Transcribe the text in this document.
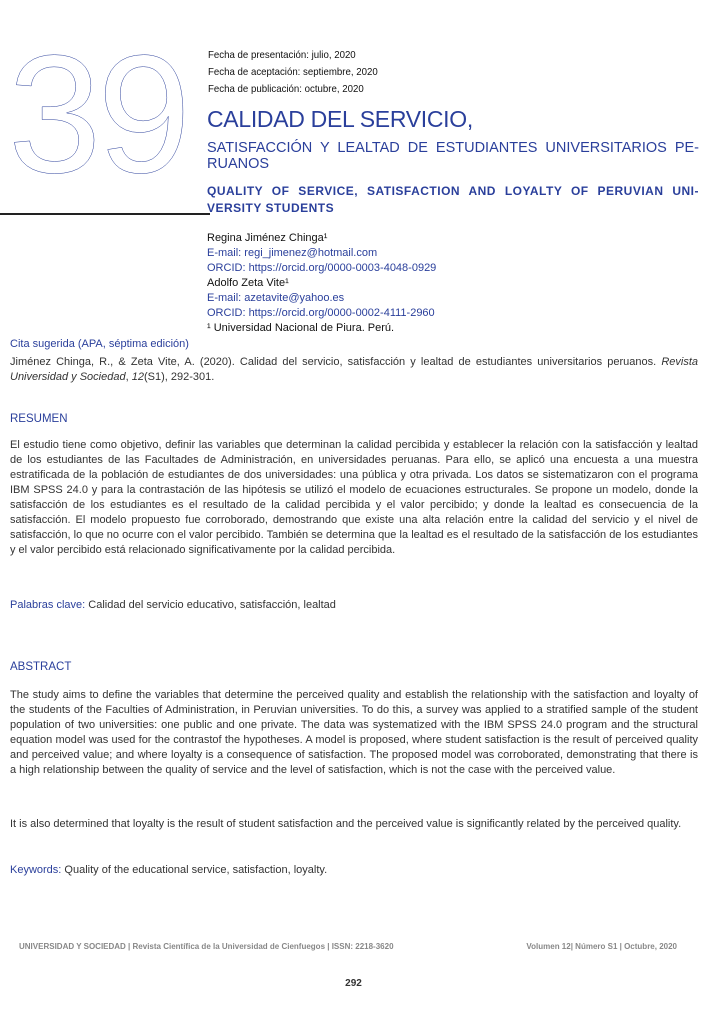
39 Fecha de presentación: julio, 2020
Fecha de aceptación: septiembre, 2020
Fecha de publicación: octubre, 2020
CALIDAD DEL SERVICIO,
SATISFACCIÓN Y LEALTAD DE ESTUDIANTES UNIVERSITARIOS PE- RUANOS
QUALITY OF SERVICE, SATISFACTION AND LOYALTY OF PERUVIAN UNI- VERSITY STUDENTS
Regina Jiménez Chinga¹
E-mail: regi_jimenez@hotmail.com
ORCID: https://orcid.org/0000-0003-4048-0929
Adolfo Zeta Vite¹
E-mail: azetavite@yahoo.es
ORCID: https://orcid.org/0000-0002-4111-2960
¹ Universidad Nacional de Piura. Perú.
Cita sugerida (APA, séptima edición)
Jiménez Chinga, R., & Zeta Vite, A. (2020). Calidad del servicio, satisfacción y lealtad de estudiantes universitarios peruanos. Revista Universidad y Sociedad, 12(S1), 292-301.
RESUMEN
El estudio tiene como objetivo, definir las variables que determinan la calidad percibida y establecer la relación con la satisfacción y lealtad de los estudiantes de las Facultades de Administración, en universidades peruanas. Para ello, se aplicó una encuesta a una muestra estratificada de la población de estudiantes de dos universidades: una pública y otra privada. Los datos se sistematizaron con el programa IBM SPSS 24.0 y para la contrastación de las hipótesis se utilizó el modelo de ecuaciones estructurales. Se propone un modelo, donde la satisfacción de los estudiantes es el resultado de la calidad percibida y el valor percibido; y donde la lealtad es consecuencia de la satisfacción. El modelo propuesto fue corroborado, demostrando que existe una alta relación entre la calidad del servicio y el nivel de satisfacción, lo que no ocurre con el valor percibido. También se determina que la lealtad es el resultado de la satisfacción de los estudiantes y el valor percibido está relacionado significativamente por la calidad percibida.
Palabras clave: Calidad del servicio educativo, satisfacción, lealtad
ABSTRACT
The study aims to define the variables that determine the perceived quality and establish the relationship with the satisfaction and loyalty of the students of the Faculties of Administration, in Peruvian universities. To do this, a survey was applied to a stratified sample of the student population of two universities: one public and one private. The data was systematized with the IBM SPSS 24.0 program and the structural equation model was used for the contrastof the hypotheses. A model is proposed, where student satisfaction is the result of perceived quality and perceived value; and where loyalty is a consequence of satisfaction. The proposed model was corroborated, demonstrating that there is a high relationship between the quality of service and the level of satisfaction, which is not the case with the perceived value.
It is also determined that loyalty is the result of student satisfaction and the perceived value is significantly related by the perceived quality.
Keywords: Quality of the educational service, satisfaction, loyalty.
UNIVERSIDAD Y SOCIEDAD | Revista Científica de la Universidad de Cienfuegos | ISSN: 2218-3620	Volumen 12| Número S1 | Octubre, 2020
292
